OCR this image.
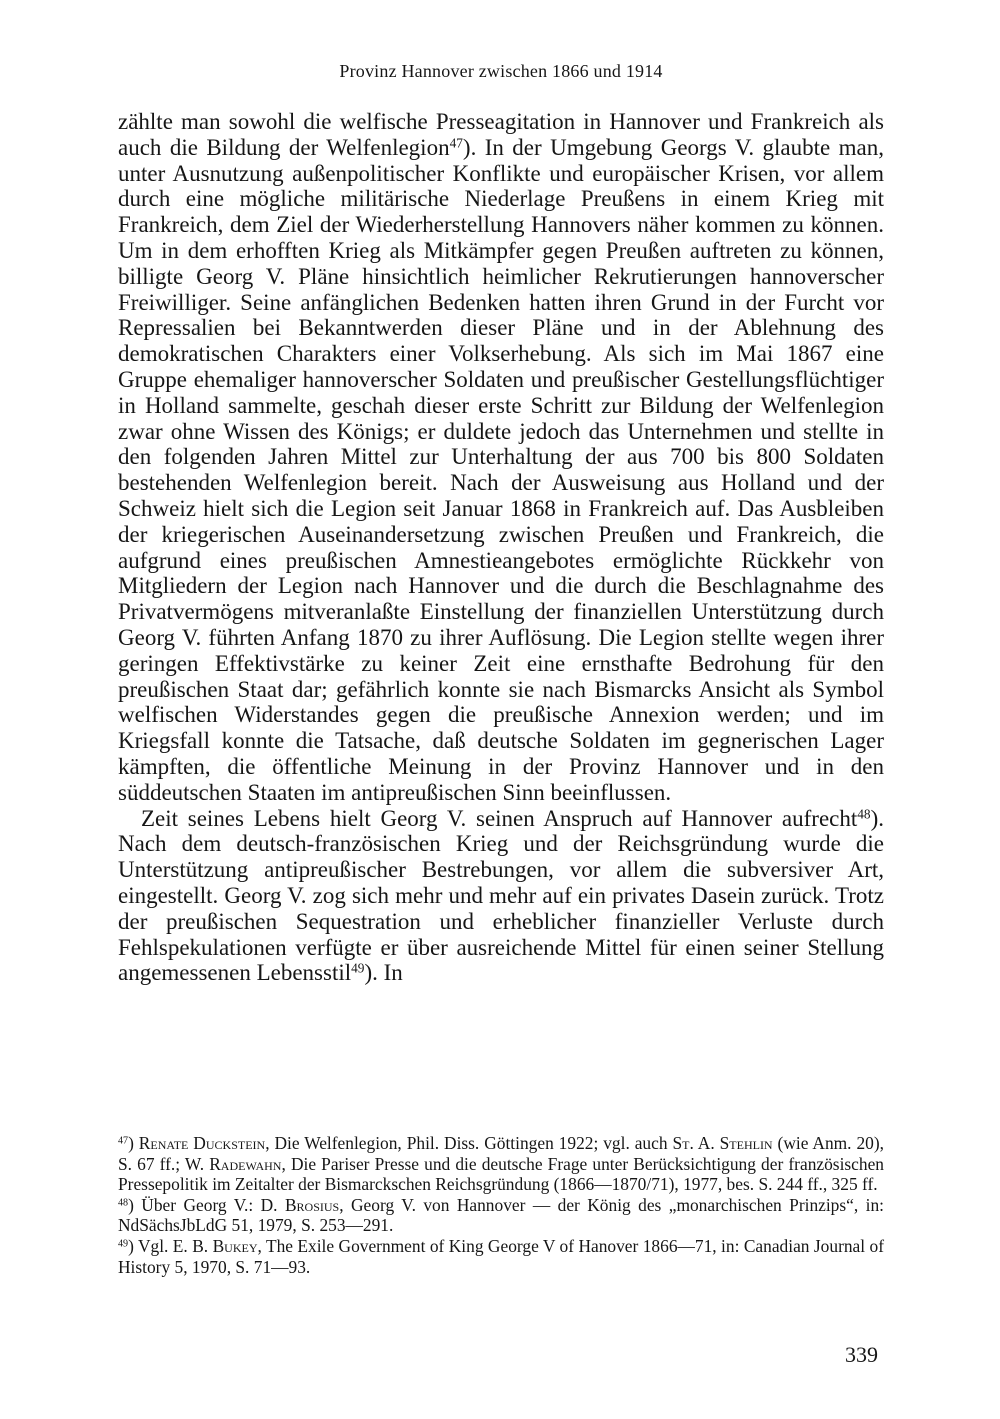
Provinz Hannover zwischen 1866 und 1914

zählte man sowohl die welfische Presseagitation in Hannover und Frankreich als auch die Bildung der Welfenlegion$^{47}$). In der Umgebung Georgs V. glaubte man, unter Ausnutzung außenpolitischer Konflikte und europäischer Krisen, vor allem durch eine mögliche militärische Niederlage Preußens in einem Krieg mit Frankreich, dem Ziel der Wiederherstellung Hannovers näher kommen zu können. Um in dem erhofften Krieg als Mitkämpfer gegen Preußen auftreten zu können, billigte Georg V. Pläne hinsichtlich heimlicher Rekrutierungen hannoverscher Freiwilliger. Seine anfänglichen Bedenken hatten ihren Grund in der Furcht vor Repressalien bei Bekanntwerden dieser Pläne und in der Ablehnung des demokratischen Charakters einer Volkserhebung. Als sich im Mai 1867 eine Gruppe ehemaliger hannoverscher Soldaten und preußischer Gestellungsflüchtiger in Holland sammelte, geschah dieser erste Schritt zur Bildung der Welfenlegion zwar ohne Wissen des Königs; er duldete jedoch das Unternehmen und stellte in den folgenden Jahren Mittel zur Unterhaltung der aus 700 bis 800 Soldaten bestehenden Welfenlegion bereit. Nach der Ausweisung aus Holland und der Schweiz hielt sich die Legion seit Januar 1868 in Frankreich auf. Das Ausbleiben der kriegerischen Auseinandersetzung zwischen Preußen und Frankreich, die aufgrund eines preußischen Amnestieangebotes ermöglichte Rückkehr von Mitgliedern der Legion nach Hannover und die durch die Beschlagnahme des Privatvermögens mitveranlaßte Einstellung der finanziellen Unterstützung durch Georg V. führten Anfang 1870 zu ihrer Auflösung. Die Legion stellte wegen ihrer geringen Effektivstärke zu keiner Zeit eine ernsthafte Bedrohung für den preußischen Staat dar; gefährlich konnte sie nach Bismarcks Ansicht als Symbol welfischen Widerstandes gegen die preußische Annexion werden; und im Kriegsfall konnte die Tatsache, daß deutsche Soldaten im gegnerischen Lager kämpften, die öffentliche Meinung in der Provinz Hannover und in den süddeutschen Staaten im antipreußischen Sinn beeinflussen.

Zeit seines Lebens hielt Georg V. seinen Anspruch auf Hannover aufrecht$^{48}$). Nach dem deutsch-französischen Krieg und der Reichsgründung wurde die Unterstützung antipreußischer Bestrebungen, vor allem die subversiver Art, eingestellt. Georg V. zog sich mehr und mehr auf ein privates Dasein zurück. Trotz der preußischen Sequestration und erheblicher finanzieller Verluste durch Fehlspekulationen verfügte er über ausreichende Mittel für einen seiner Stellung angemessenen Lebensstil$^{49}$). In

$^{47}$) Renate Duckstein, Die Welfenlegion, Phil. Diss. Göttingen 1922; vgl. auch St. A. Stehlin (wie Anm. 20), S. 67 ff.; W. Radewahn, Die Pariser Presse und die deutsche Frage unter Berücksichtigung der französischen Pressepolitik im Zeitalter der Bismarckschen Reichsgründung (1866—1870/71), 1977, bes. S. 244 ff., 325 ff.

$^{48}$) Über Georg V.: D. Brosius, Georg V. von Hannover — der König des „monarchischen Prinzips“, in: NdSächsJbLdG 51, 1979, S. 253—291.

$^{49}$) Vgl. E. B. Bukey, The Exile Government of King George V of Hanover 1866—71, in: Canadian Journal of History 5, 1970, S. 71—93.

339
